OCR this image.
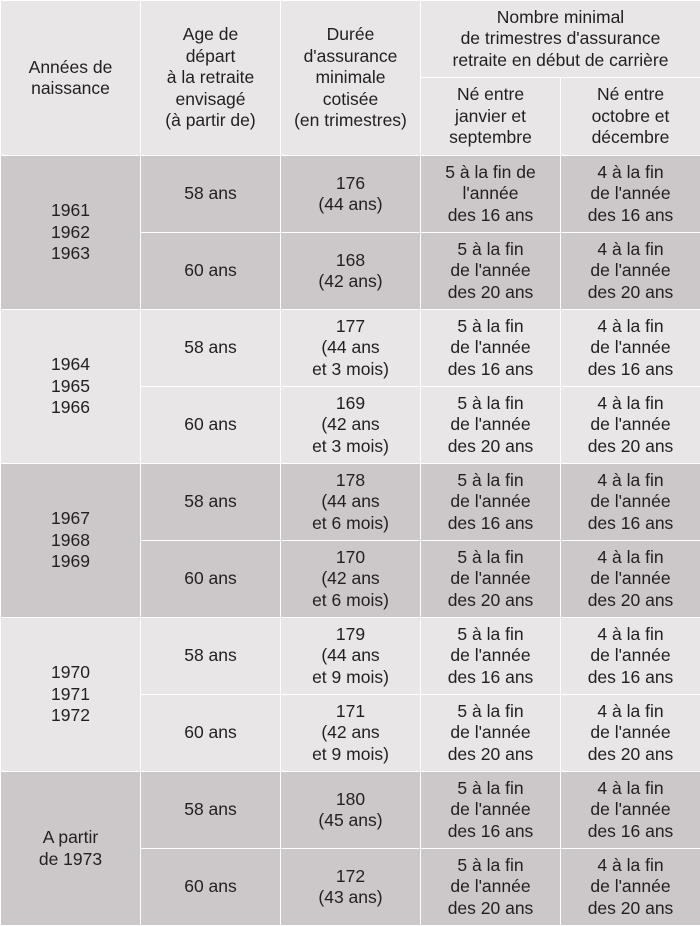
Années de
naissance	Age de
départ
à la retraite
envisagé
(à partir de)	Durée
d'assurance
minimale
cotisée
(en trimestres)	Nombre minimal
de trimestres d'assurance
retraite en début de carrière	
			Né entre
janvier et
septembre	Né entre
octobre et
décembre
1961
1962
1963	58 ans	176
(44 ans)	5 à la fin de
l'année
des 16 ans	4 à la fin
de l'année
des 16 ans
	60 ans	168
(42 ans)	5 à la fin
de l'année
des 20 ans	4 à la fin
de l'année
des 20 ans
1964
1965
1966	58 ans	177
(44 ans
et 3 mois)	5 à la fin
de l'année
des 16 ans	4 à la fin
de l'année
des 16 ans
	60 ans	169
(42 ans
et 3 mois)	5 à la fin
de l'année
des 20 ans	4 à la fin
de l'année
des 20 ans
1967
1968
1969	58 ans	178
(44 ans
et 6 mois)	5 à la fin
de l'année
des 16 ans	4 à la fin
de l'année
des 16 ans
	60 ans	170
(42 ans
et 6 mois)	5 à la fin
de l'année
des 20 ans	4 à la fin
de l'année
des 20 ans
1970
1971
1972	58 ans	179
(44 ans
et 9 mois)	5 à la fin
de l'année
des 16 ans	4 à la fin
de l'année
des 16 ans
	60 ans	171
(42 ans
et 9 mois)	5 à la fin
de l'année
des 20 ans	4 à la fin
de l'année
des 20 ans
A partir
de 1973	58 ans	180
(45 ans)	5 à la fin
de l'année
des 16 ans	4 à la fin
de l'année
des 16 ans
	60 ans	172
(43 ans)	5 à la fin
de l'année
des 20 ans	4 à la fin
de l'année
des 20 ans
